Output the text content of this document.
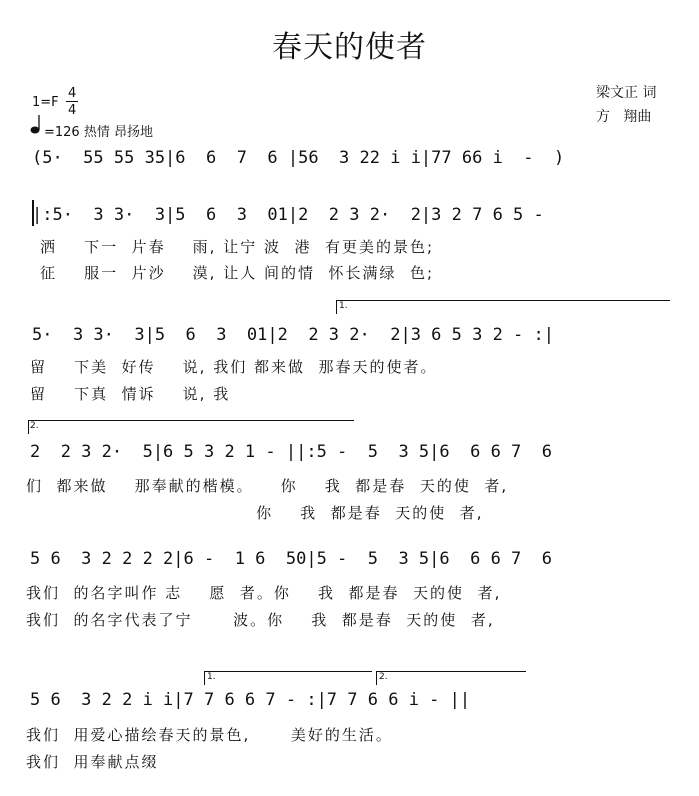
春天的使者
1=F
4
4
=126 热情 昂扬地
梁文正 词
方   翔曲
(5·  55 55 35|6  6  7  6 |56  3 22 i i|77 66 i  -  )
|:5·  3 3·  3|5  6  3  01|2  2 3 2·  2|3 2 7 6 5 -
洒    下一  片春    雨, 让宁 波  港  有更美的景色;
征    服一  片沙    漠, 让人 间的情  怀长满绿  色;
1.
5·  3 3·  3|5  6  3  01|2  2 3 2·  2|3 6 5 3 2 - :|
留    下美  好传    说, 我们 都来做  那春天的使者。
留    下真  情诉    说, 我
2.
2  2 3 2·  5|6 5 3 2 1 - ||:5 -  5  3 5|6  6 6 7  6
们  都来做    那奉献的楷模。    你    我  都是春  天的使  者,
你    我  都是春  天的使  者,
5 6  3 2 2 2 2|6 -  1 6  50|5 -  5  3 5|6  6 6 7  6
我们  的名字叫作 志    愿  者。你    我  都是春  天的使  者,
我们  的名字代表了宁      波。你    我  都是春  天的使  者,
1.	2.
5 6  3 2 2 i i|7 7 6 6 7 - :|7 7 6 6 i - ||
我们  用爱心描绘春天的景色,      美好的生活。
我们  用奉献点缀
